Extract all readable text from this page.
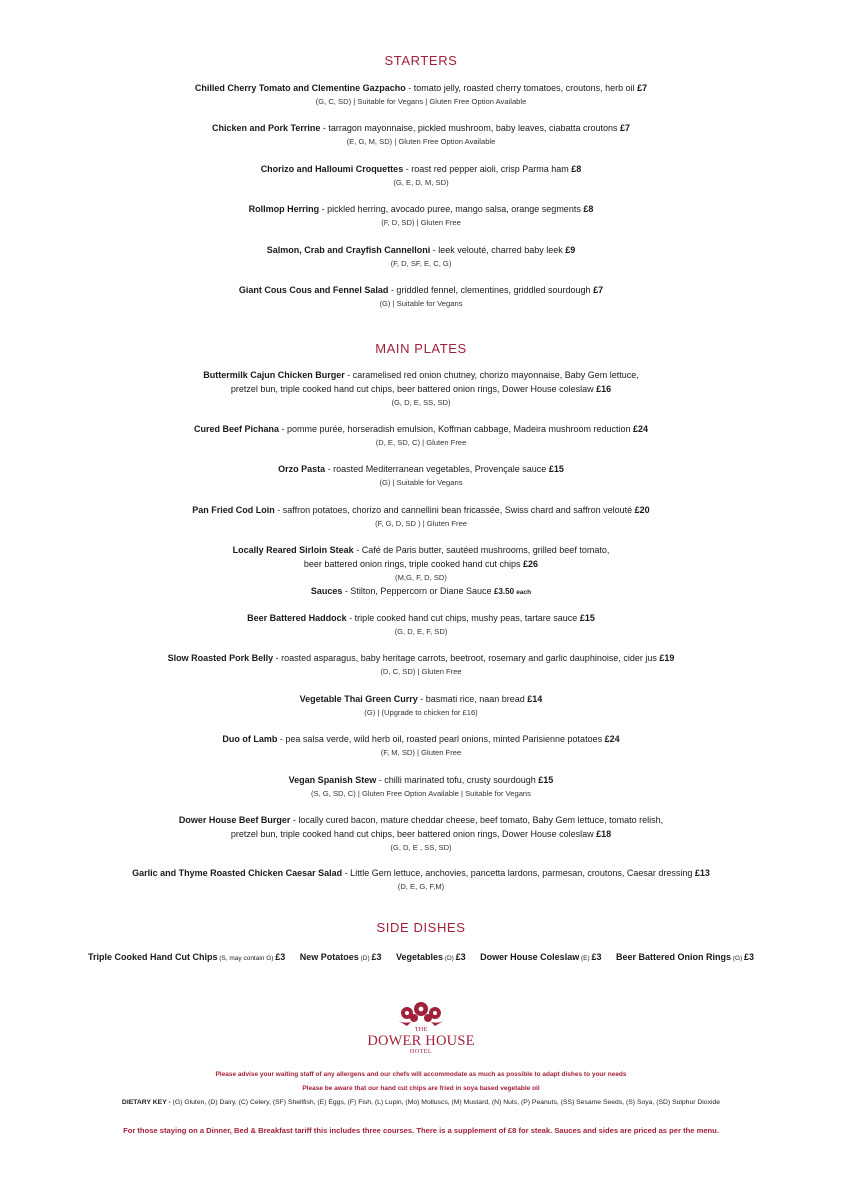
STARTERS
Chilled Cherry Tomato and Clementine Gazpacho - tomato jelly, roasted cherry tomatoes, croutons, herb oil £7
(G, C, SD) | Suitable for Vegans | Gluten Free Option Available
Chicken and Pork Terrine - tarragon mayonnaise, pickled mushroom, baby leaves, ciabatta croutons £7
(E, G, M, SD) | Gluten Free Option Available
Chorizo and Halloumi Croquettes - roast red pepper aioli, crisp Parma ham £8
(G, E, D, M, SD)
Rollmop Herring - pickled herring, avocado puree, mango salsa, orange segments £8
(F, D, SD) | Gluten Free
Salmon, Crab and Crayfish Cannelloni - leek velouté, charred baby leek £9
(F, D, SF, E, C, G)
Giant Cous Cous and Fennel Salad - griddled fennel, clementines, griddled sourdough £7
(G) | Suitable for Vegans
MAIN PLATES
Buttermilk Cajun Chicken Burger - caramelised red onion chutney, chorizo mayonnaise, Baby Gem lettuce,
pretzel bun, triple cooked hand cut chips, beer battered onion rings, Dower House coleslaw £16
(G, D, E, SS, SD)
Cured Beef Pichana - pomme purée, horseradish emulsion, Koffman cabbage, Madeira mushroom reduction £24
(D, E, SD, C) | Gluten Free
Orzo Pasta - roasted Mediterranean vegetables, Provençale sauce £15
(G) | Suitable for Vegans
Pan Fried Cod Loin - saffron potatoes, chorizo and cannellini bean fricassée, Swiss chard and saffron velouté £20
(F, G, D, SD ) | Gluten Free
Locally Reared Sirloin Steak - Café de Paris butter, sautéed mushrooms, grilled beef tomato,
beer battered onion rings, triple cooked hand cut chips £26
(M,G, F, D, SD)
Sauces - Stilton, Peppercorn or Diane Sauce £3.50 each
Beer Battered Haddock - triple cooked hand cut chips, mushy peas, tartare sauce £15
(G, D, E, F, SD)
Slow Roasted Pork Belly - roasted asparagus, baby heritage carrots, beetroot, rosemary and garlic dauphinoise, cider jus £19
(D, C, SD) | Gluten Free
Vegetable Thai Green Curry - basmati rice, naan bread £14
(G) | (Upgrade to chicken for £16)
Duo of Lamb - pea salsa verde, wild herb oil, roasted pearl onions, minted Parisienne potatoes £24
(F, M, SD) | Gluten Free
Vegan Spanish Stew - chilli marinated tofu, crusty sourdough £15
(S, G, SD, C) | Gluten Free Option Available | Suitable for Vegans
Dower House Beef Burger - locally cured bacon, mature cheddar cheese, beef tomato, Baby Gem lettuce, tomato relish,
pretzel bun, triple cooked hand cut chips, beer battered onion rings, Dower House coleslaw £18
(G, D, E , SS, SD)
Garlic and Thyme Roasted Chicken Caesar Salad - Little Gem lettuce, anchovies, pancetta lardons, parmesan, croutons, Caesar dressing £13
(D, E, G, F,M)
SIDE DISHES
Triple Cooked Hand Cut Chips (S, may contain G) £3 New Potatoes (D) £3 Vegetables (D) £3 Dower House Coleslaw (E) £3 Beer Battered Onion Rings (G) £3
THE
DOWER HOUSE
HOTEL
Please advise your waiting staff of any allergens and our chefs will accommodate as much as possible to adapt dishes to your needs
Please be aware that our hand cut chips are fried in soya based vegetable oil
DIETARY KEY - (G) Gluten, (D) Dairy, (C) Celery, (SF) Shellfish, (E) Eggs, (F) Fish, (L) Lupin, (Mo) Molluscs, (M) Mustard, (N) Nuts, (P) Peanuts, (SS) Sesame Seeds, (S) Soya, (SD) Sulphur Dioxide
For those staying on a Dinner, Bed & Breakfast tariff this includes three courses. There is a supplement of £8 for steak. Sauces and sides are priced as per the menu.
